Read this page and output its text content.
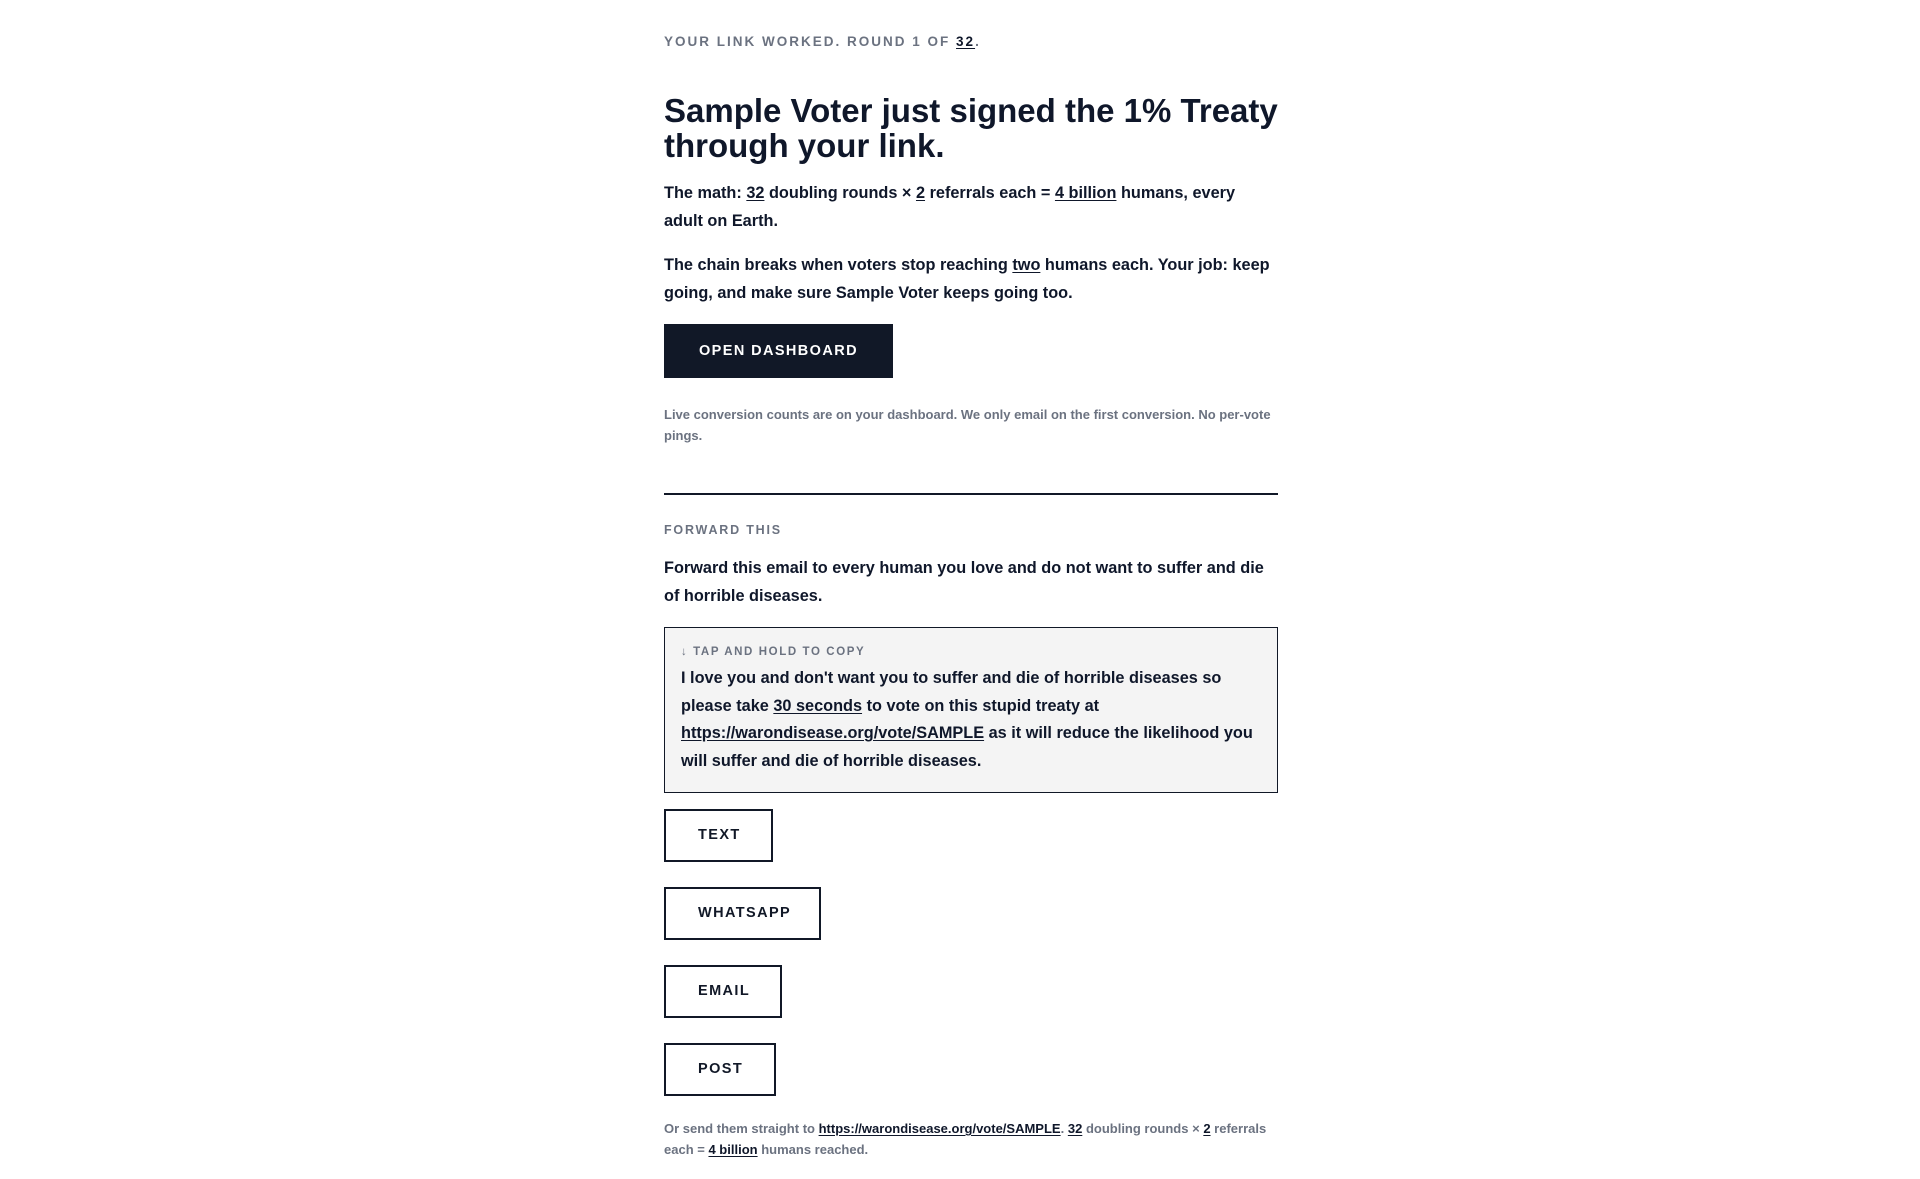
YOUR LINK WORKED. ROUND 1 OF 32.

Sample Voter just signed the 1% Treaty through your link.

The math: 32 doubling rounds × 2 referrals each = 4 billion humans, every adult on Earth.

The chain breaks when voters stop reaching two humans each. Your job: keep going, and make sure Sample Voter keeps going too.

OPEN DASHBOARD

Live conversion counts are on your dashboard. We only email on the first conversion. No per-vote pings.

FORWARD THIS

Forward this email to every human you love and do not want to suffer and die of horrible diseases.

↓ TAP AND HOLD TO COPY

I love you and don't want you to suffer and die of horrible diseases so please take 30 seconds to vote on this stupid treaty at https://warondisease.org/vote/SAMPLE as it will reduce the likelihood you will suffer and die of horrible diseases.

TEXT
WHATSAPP
EMAIL
POST

Or send them straight to https://warondisease.org/vote/SAMPLE. 32 doubling rounds × 2 referrals each = 4 billion humans reached.
